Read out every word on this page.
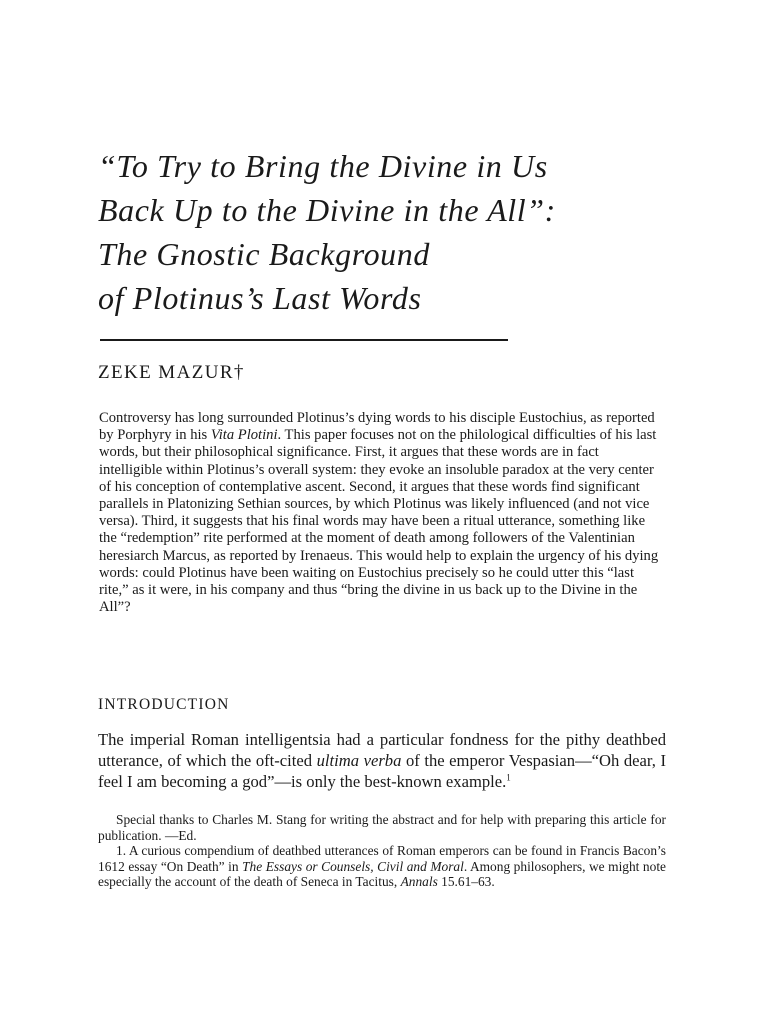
“To Try to Bring the Divine in Us
Back Up to the Divine in the All”:
The Gnostic Background
of Plotinus’s Last Words
ZEKE MAZUR†

Controversy has long surrounded Plotinus’s dying words to his disciple Eustochius, as reported by Porphyry in his Vita Plotini. This paper focuses not on the philological difficulties of his last words, but their philosophical significance. First, it argues that these words are in fact intelligible within Plotinus’s overall system: they evoke an insoluble paradox at the very center of his conception of contemplative ascent. Second, it argues that these words find significant parallels in Platonizing Sethian sources, by which Plotinus was likely influenced (and not vice versa). Third, it suggests that his final words may have been a ritual utterance, something like the “redemption” rite performed at the moment of death among followers of the Valentinian heresiarch Marcus, as reported by Irenaeus. This would help to explain the urgency of his dying words: could Plotinus have been waiting on Eustochius precisely so he could utter this “last rite,” as it were, in his company and thus “bring the divine in us back up to the Divine in the All”?

INTRODUCTION

The imperial Roman intelligentsia had a particular fondness for the pithy deathbed utterance, of which the oft-cited ultima verba of the emperor Vespasian—“Oh dear, I feel I am becoming a god”—is only the best-known example.$^1$

Special thanks to Charles M. Stang for writing the abstract and for help with preparing this article for publication. —Ed.

1. A curious compendium of deathbed utterances of Roman emperors can be found in Francis Bacon’s 1612 essay “On Death” in The Essays or Counsels, Civil and Moral. Among philosophers, we might note especially the account of the death of Seneca in Tacitus, Annals 15.61–63.
